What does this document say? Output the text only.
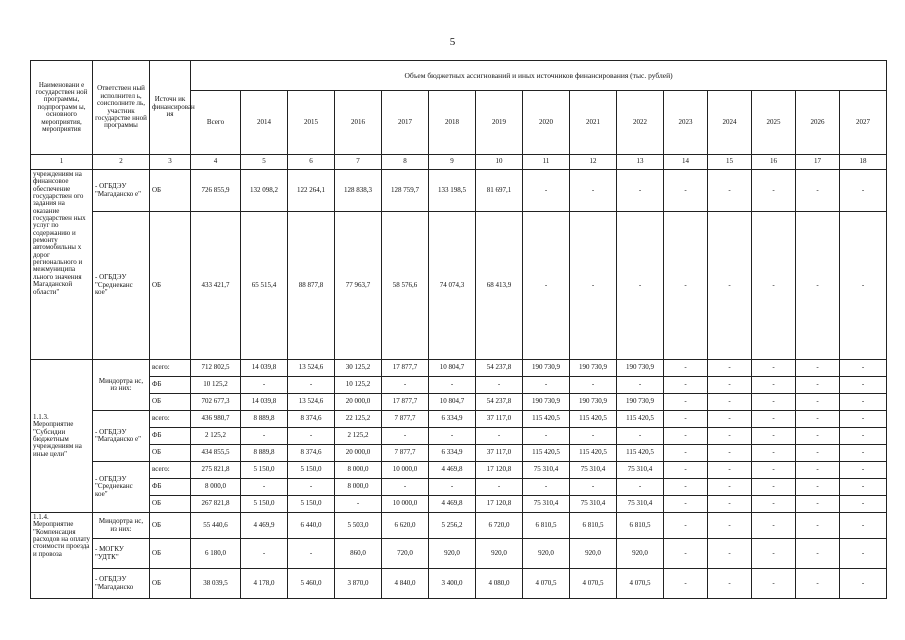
5
Наименовани е государствен ной программы, подпрограмм ы, основного мероприятия, мероприятия	Ответствен ный исполнител ь, соисполните ль, участник государстве нной программы	Источн ик финансирован ия	Объем бюджетных ассигнований и иных источников финансирования (тыс. рублей)														
			Всего	2014	2015	2016	2017	2018	2019	2020	2021	2022	2023	2024	2025	2026	2027
1	2	3	4	5	6	7	8	9	10	11	12	13	14	15	16	17	18
учреждениям на финансовое обеспечение государствен ого задания на оказание государствен ных услуг по содержанию и ремонту автомобильны х дорог регионального и межмуниципа льного значения Магаданской области"	- ОГБДЭУ "Магаданско е"	ОБ	726 855,9	132 098,2	122 264,1	128 838,3	128 759,7	133 198,5	81 697,1	-	-	-	-	-	-	-	-
	- ОГБДЭУ "Среднеканс кое"	ОБ	433 421,7	65 515,4	88 877,8	77 963,7	58 576,6	74 074,3	68 413,9	-	-	-	-	-	-	-	-
1.1.3. Мероприятие "Субсидии бюджетным учреждениям на иные цели"	Миндортра нс, из них:	всего:	712 802,5	14 039,8	13 524,6	30 125,2	17 877,7	10 804,7	54 237,8	190 730,9	190 730,9	190 730,9	-	-	-	-	-
		ФБ	10 125,2	-	-	10 125,2	-	-	-	-	-	-	-	-	-	-	-
		ОБ	702 677,3	14 039,8	13 524,6	20 000,0	17 877,7	10 804,7	54 237,8	190 730,9	190 730,9	190 730,9	-	-	-	-	-
	- ОГБДЭУ "Магаданско е"	всего:	436 980,7	8 889,8	8 374,6	22 125,2	7 877,7	6 334,9	37 117,0	115 420,5	115 420,5	115 420,5	-	-	-	-	-
		ФБ	2 125,2	-	-	2 125,2	-	-	-	-	-	-	-	-	-	-	-
		ОБ	434 855,5	8 889,8	8 374,6	20 000,0	7 877,7	6 334,9	37 117,0	115 420,5	115 420,5	115 420,5	-	-	-	-	-
	- ОГБДЭУ "Среднеканс кое"	всего:	275 821,8	5 150,0	5 150,0	8 000,0	10 000,0	4 469,8	17 120,8	75 310,4	75 310,4	75 310,4	-	-	-	-	-
		ФБ	8 000,0	-	-	8 000,0	-	-	-	-	-	-	-	-	-	-	-
		ОБ	267 821,8	5 150,0	5 150,0	-	10 000,0	4 469,8	17 120,8	75 310,4	75 310,4	75 310,4	-	-	-	-	-
1.1.4. Мероприятие "Компенсация расходов на оплату стоимости проезда и провоза	Миндортра нс, из них:	ОБ	55 440,6	4 469,9	6 440,0	5 503,0	6 620,0	5 256,2	6 720,0	6 810,5	6 810,5	6 810,5	-	-	-	-	-
	- МОГКУ "УДТК"	ОБ	6 180,0	-	-	860,0	720,0	920,0	920,0	920,0	920,0	920,0	-	-	-	-	-
	- ОГБДЭУ "Магаданско	ОБ	38 039,5	4 178,0	5 460,0	3 870,0	4 840,0	3 400,0	4 080,0	4 070,5	4 070,5	4 070,5	-	-	-	-	-
